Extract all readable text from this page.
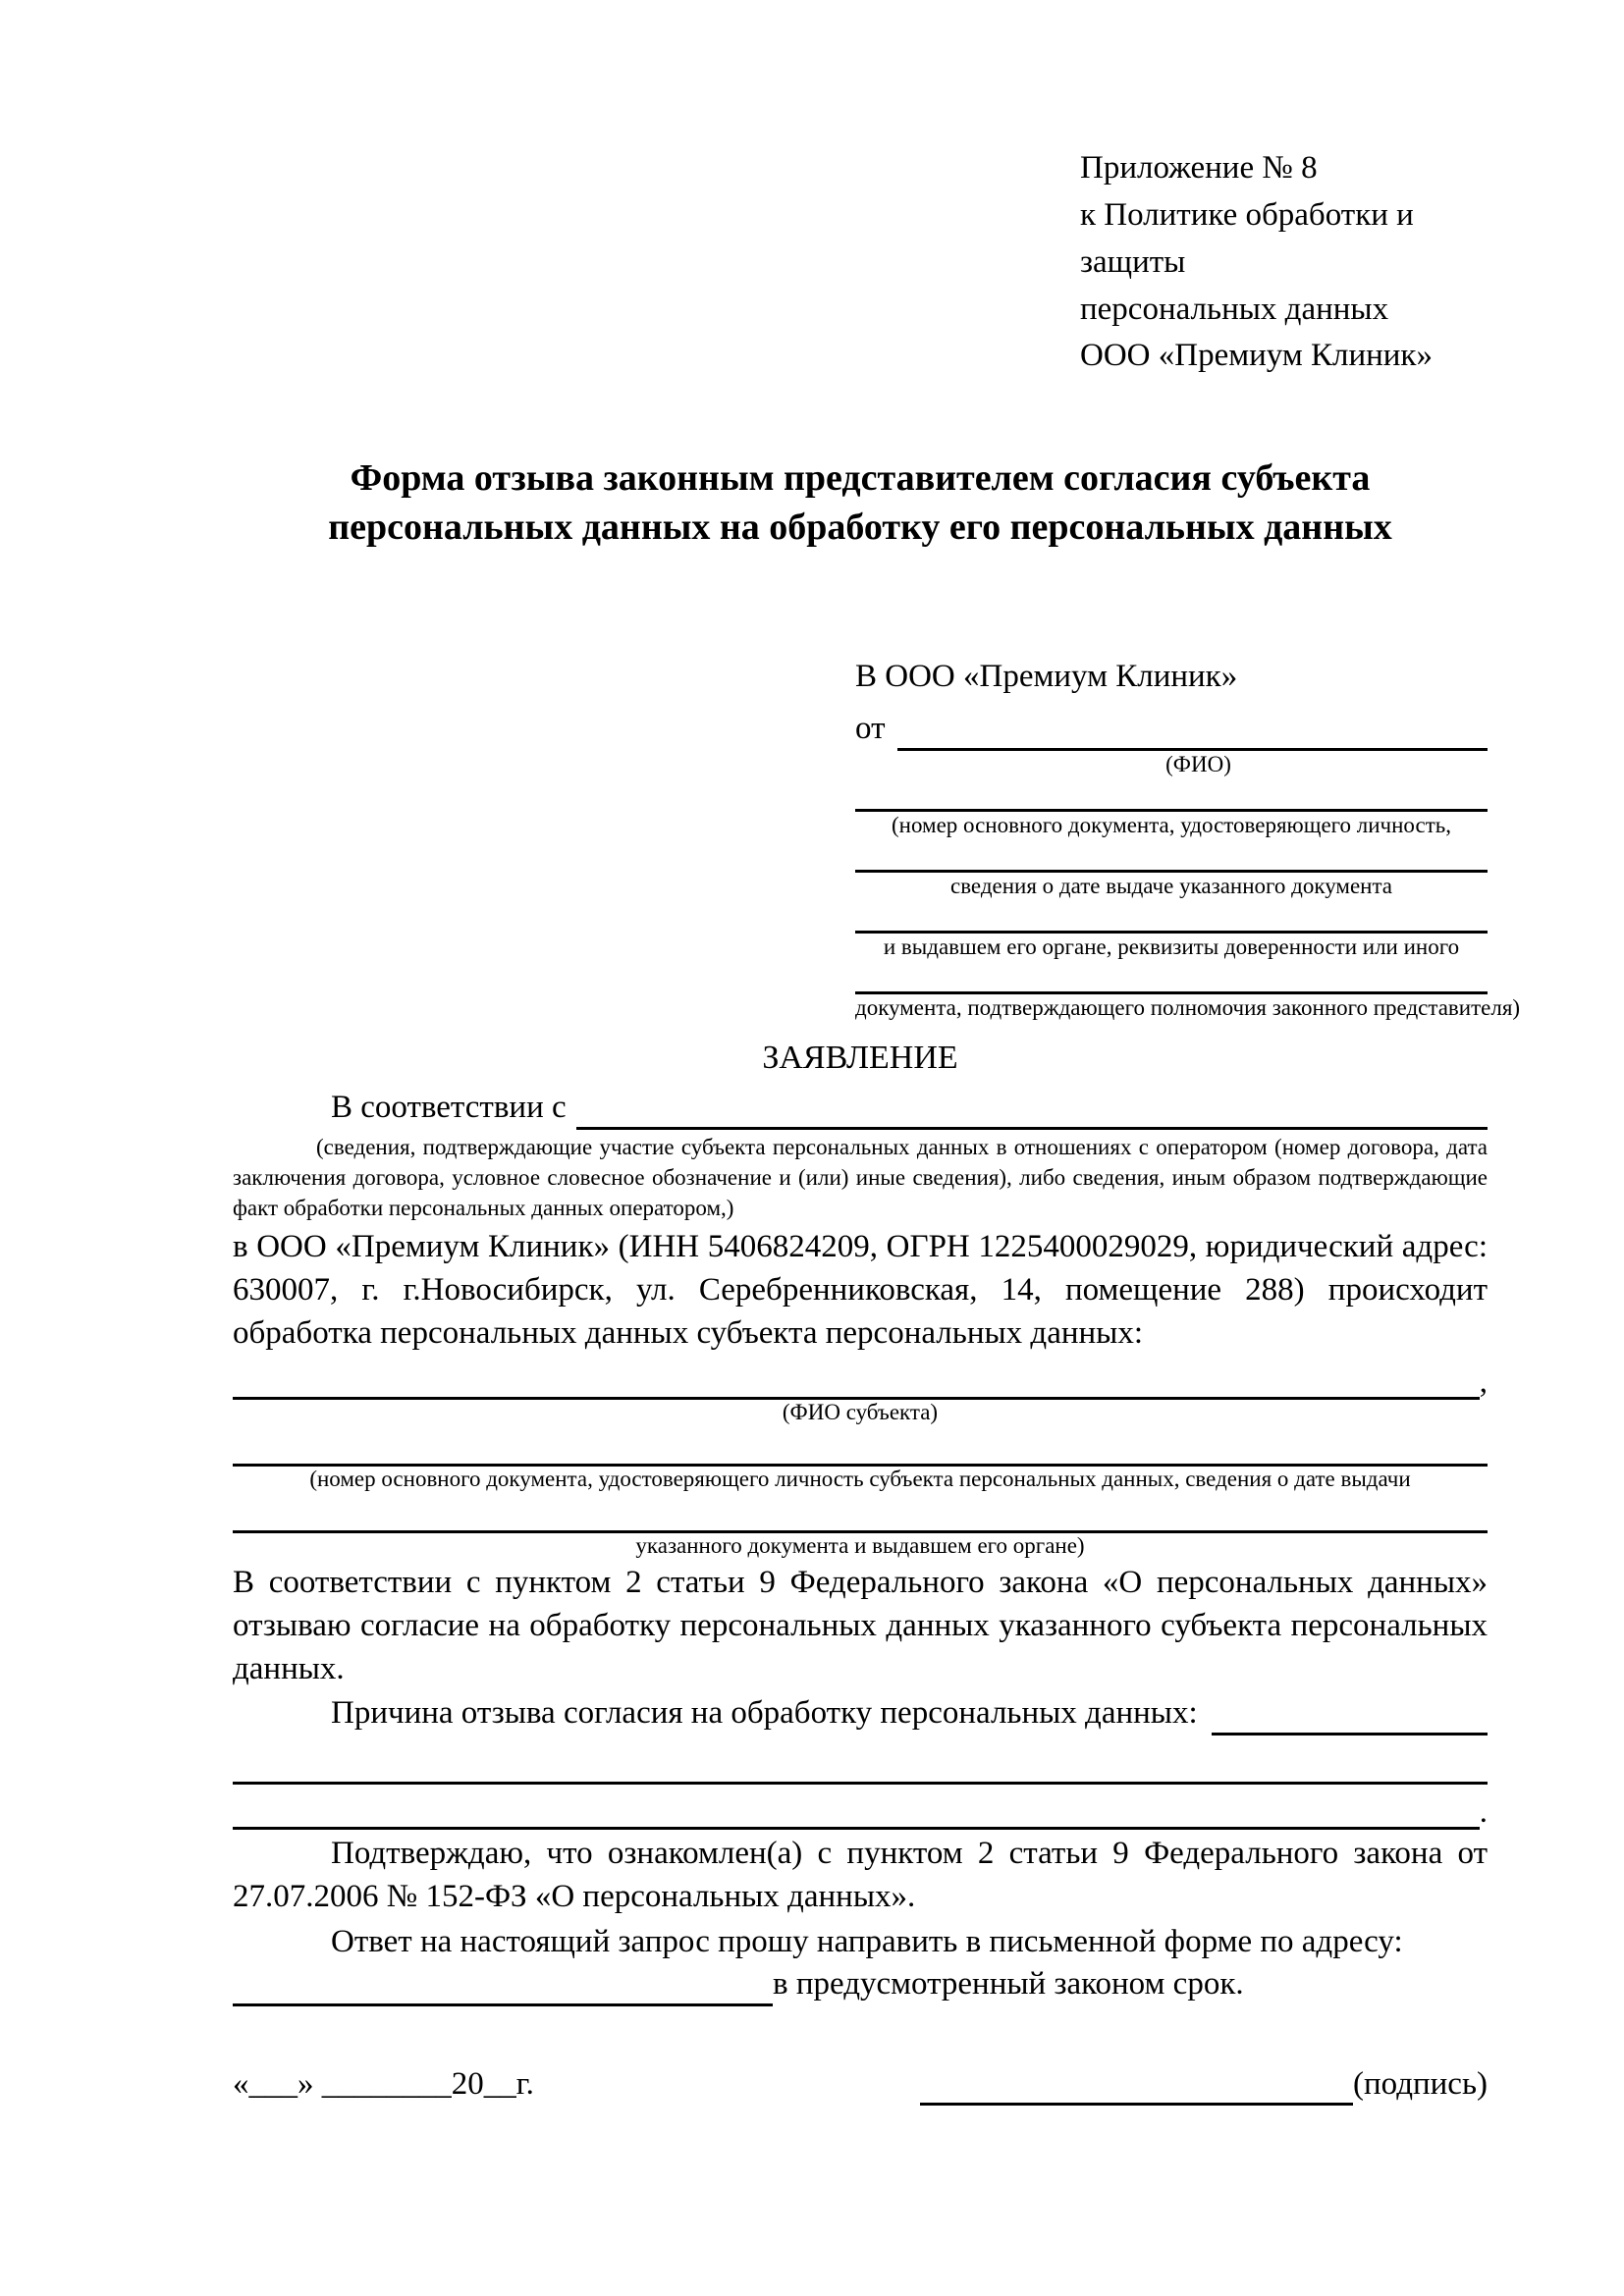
Приложение № 8
к Политике обработки и защиты
персональных данных
ООО «Премиум Клиник»
Форма отзыва законным представителем согласия субъекта
персональных данных на обработку его персональных данных
В ООО «Премиум Клиник»
от
(ФИО)
(номер основного документа, удостоверяющего личность,
сведения о дате выдаче указанного документа
и выдавшем его органе, реквизиты доверенности или иного
документа, подтверждающего полномочия законного представителя)
ЗАЯВЛЕНИЕ
В соответствии с
(сведения, подтверждающие участие субъекта персональных данных в отношениях с оператором (номер договора, дата заключения договора, условное словесное обозначение и (или) иные сведения), либо сведения, иным образом подтверждающие факт обработки персональных данных оператором,)

в ООО «Премиум Клиник» (ИНН 5406824209, ОГРН 1225400029029, юридический адрес: 630007, г. г.Новосибирск, ул. Серебренниковская, 14, помещение 288) происходит обработка персональных данных субъекта персональных данных:

,
(ФИО субъекта)
(номер основного документа, удостоверяющего личность субъекта персональных данных, сведения о дате выдачи
указанного документа и выдавшем его органе)

В соответствии с пунктом 2 статьи 9 Федерального закона «О персональных данных» отзываю согласие на обработку персональных данных указанного субъекта персональных данных.

Причина отзыва согласия на обработку персональных данных:
.

Подтверждаю, что ознакомлен(а) с пунктом 2 статьи 9 Федерального закона от 27.07.2006 № 152-ФЗ «О персональных данных».

Ответ на настоящий запрос прошу направить в письменной форме по адресу:

в предусмотренный законом срок.
«___» ________20__г.	(подпись)
